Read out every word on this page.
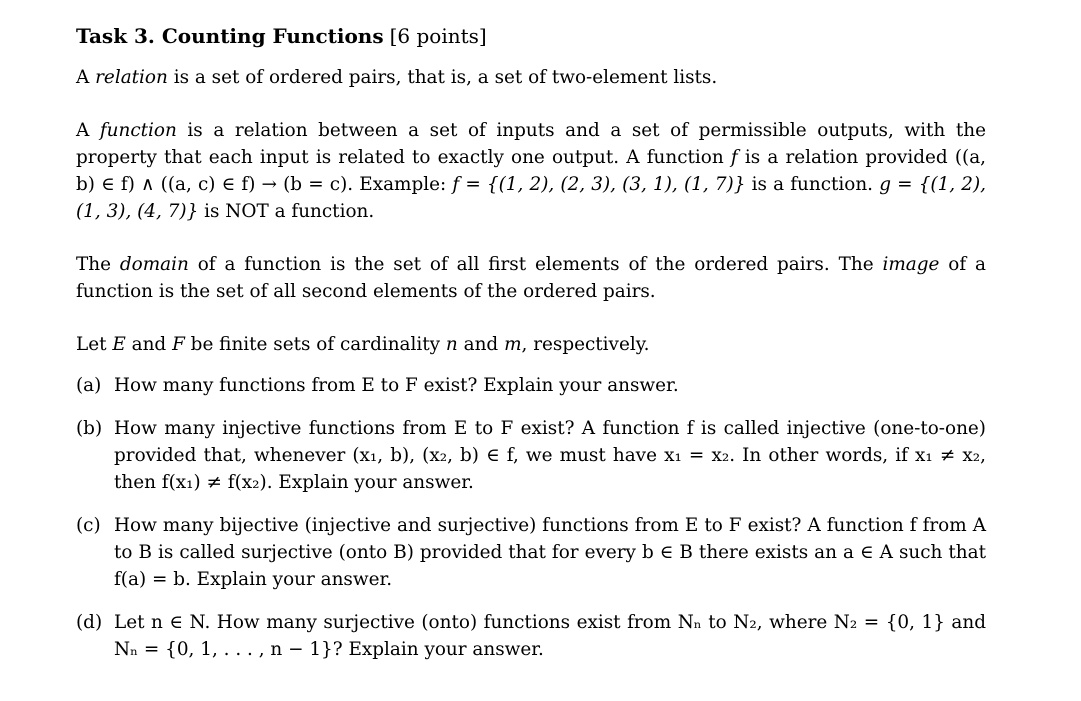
Task 3. Counting Functions [6 points]

A relation is a set of ordered pairs, that is, a set of two-element lists.

A function is a relation between a set of inputs and a set of permissible outputs, with the property that each input is related to exactly one output. A function f is a relation provided ((a, b) ∈ f) ∧ ((a, c) ∈ f) → (b = c). Example: f = {(1, 2), (2, 3), (3, 1), (1, 7)} is a function. g = {(1, 2), (1, 3), (4, 7)} is NOT a function.

The domain of a function is the set of all first elements of the ordered pairs. The image of a function is the set of all second elements of the ordered pairs.

Let E and F be finite sets of cardinality n and m, respectively.

(a) How many functions from E to F exist? Explain your answer.
(b) How many injective functions from E to F exist? A function f is called injective (one-to-one) provided that, whenever (x₁, b), (x₂, b) ∈ f, we must have x₁ = x₂. In other words, if x₁ ≠ x₂, then f(x₁) ≠ f(x₂). Explain your answer.
(c) How many bijective (injective and surjective) functions from E to F exist? A function f from A to B is called surjective (onto B) provided that for every b ∈ B there exists an a ∈ A such that f(a) = b. Explain your answer.
(d) Let n ∈ N. How many surjective (onto) functions exist from Nₙ to N₂, where N₂ = {0, 1} and Nₙ = {0, 1, . . . , n − 1}? Explain your answer.
